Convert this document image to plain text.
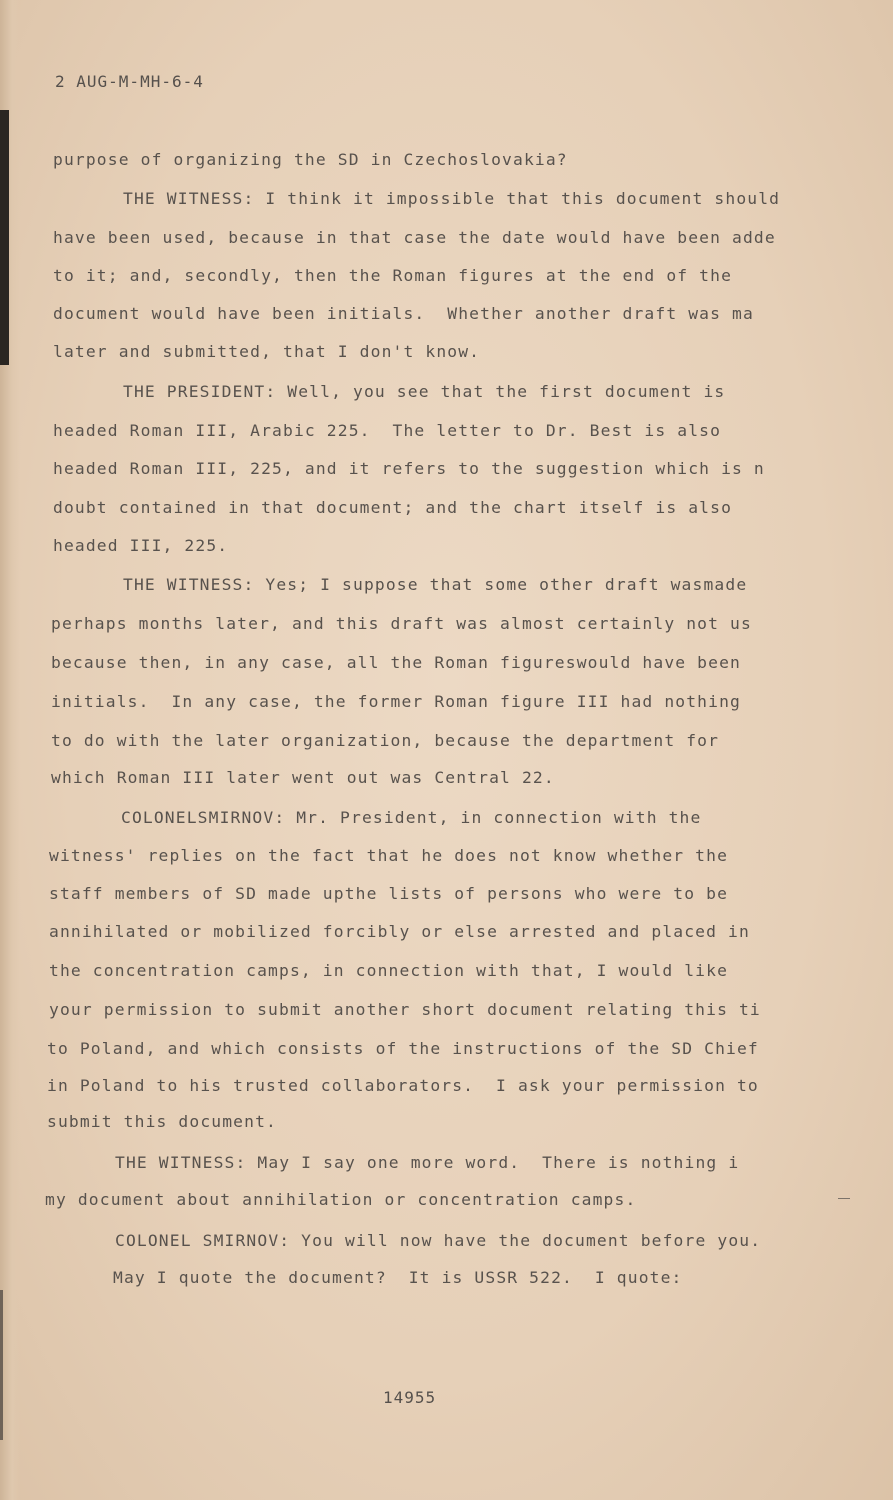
2 AUG-M-MH-6-4
purpose of organizing the SD in Czechoslovakia?
THE WITNESS: I think it impossible that this document should
have been used, because in that case the date would have been adde
to it; and, secondly, then the Roman figures at the end of the
document would have been initials.  Whether another draft was ma
later and submitted, that I don't know.
THE PRESIDENT: Well, you see that the first document is
headed Roman III, Arabic 225.  The letter to Dr. Best is also
headed Roman III, 225, and it refers to the suggestion which is n
doubt contained in that document; and the chart itself is also
headed III, 225.
THE WITNESS: Yes; I suppose that some other draft wasmade
perhaps months later, and this draft was almost certainly not us
because then, in any case, all the Roman figureswould have been
initials.  In any case, the former Roman figure III had nothing
to do with the later organization, because the department for
which Roman III later went out was Central 22.
COLONELSMIRNOV: Mr. President, in connection with the
witness' replies on the fact that he does not know whether the
staff members of SD made upthe lists of persons who were to be
annihilated or mobilized forcibly or else arrested and placed in
the concentration camps, in connection with that, I would like
your permission to submit another short document relating this ti
to Poland, and which consists of the instructions of the SD Chief
in Poland to his trusted collaborators.  I ask your permission to
submit this document.
THE WITNESS: May I say one more word.  There is nothing i
my document about annihilation or concentration camps.
COLONEL SMIRNOV: You will now have the document before you.
May I quote the document?  It is USSR 522.  I quote:
14955
